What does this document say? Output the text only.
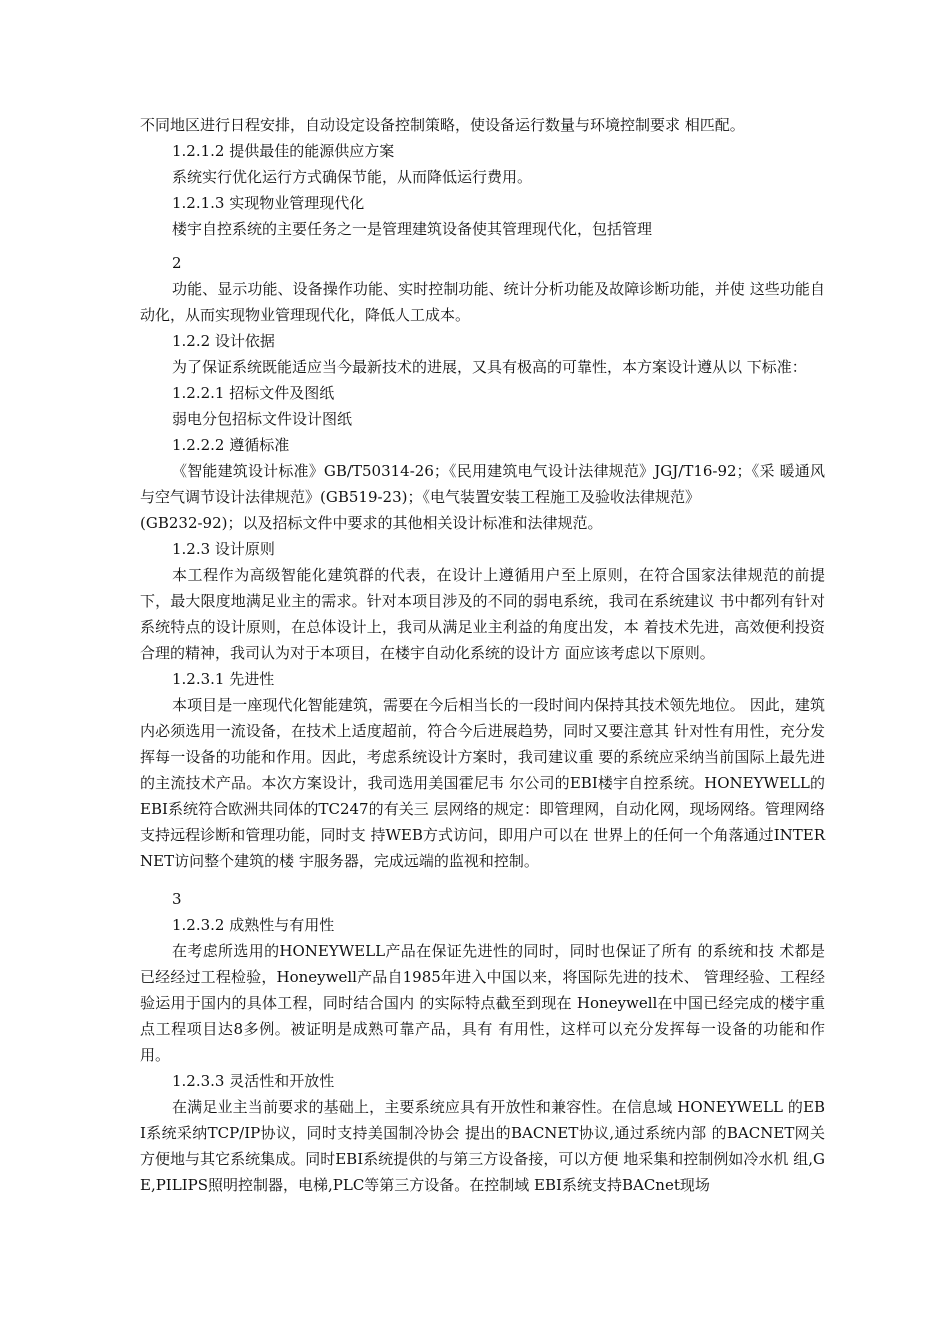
不同地区进行日程安排，自动设定设备控制策略，使设备运行数量与环境控制要求 相匹配。

1.2.1.2 提供最佳的能源供应方案

系统实行优化运行方式确保节能，从而降低运行费用。

1.2.1.3 实现物业管理现代化

楼宇自控系统的主要任务之一是管理建筑设备使其管理现代化，包括管理

2

功能、显示功能、设备操作功能、实时控制功能、统计分析功能及故障诊断功能，并使 这些功能自动化，从而实现物业管理现代化，降低人工成本。

1.2.2 设计依据

为了保证系统既能适应当今最新技术的进展，又具有极高的可靠性，本方案设计遵从以 下标准：

1.2.2.1 招标文件及图纸

弱电分包招标文件设计图纸

1.2.2.2 遵循标准

《智能建筑设计标准》GB/T50314-26；《民用建筑电气设计法律规范》JGJ/T16-92；《采 暖通风与空气调节设计法律规范》(GB519-23)；《电气装置安装工程施工及验收法律规范》

(GB232-92)；以及招标文件中要求的其他相关设计标准和法律规范。

1.2.3 设计原则

本工程作为高级智能化建筑群的代表，在设计上遵循用户至上原则，在符合国家法律规范的前提下，最大限度地满足业主的需求。针对本项目涉及的不同的弱电系统，我司在系统建议 书中都列有针对系统特点的设计原则，在总体设计上，我司从满足业主利益的角度出发，本 着技术先进，高效便利投资合理的精神，我司认为对于本项目，在楼宇自动化系统的设计方 面应该考虑以下原则。

1.2.3.1 先进性

本项目是一座现代化智能建筑，需要在今后相当长的一段时间内保持其技术领先地位。 因此，建筑内必须选用一流设备，在技术上适度超前，符合今后进展趋势，同时又要注意其 针对性有用性，充分发挥每一设备的功能和作用。因此，考虑系统设计方案时，我司建议重 要的系统应采纳当前国际上最先进的主流技术产品。本次方案设计，我司选用美国霍尼韦 尔公司的EBI楼宇自控系统。HONEYWELL的EBI系统符合欧洲共同体的TC247的有关三 层网络的规定：即管理网，自动化网，现场网络。管理网络支持远程诊断和管理功能，同时支 持WEB方式访问，即用户可以在 世界上的任何一个角落通过INTERNET访问整个建筑的楼 宇服务器，完成远端的监视和控制。

3

1.2.3.2 成熟性与有用性

在考虑所选用的HONEYWELL产品在保证先进性的同时，同时也保证了所有 的系统和技 术都是已经经过工程检验，Honeywell产品自1985年进入中国以来，将国际先进的技术、 管理经验、工程经验运用于国内的具体工程，同时结合国内 的实际特点截至到现在 Honeywell在中国已经完成的楼宇重点工程项目达8多例。被证明是成熟可靠产品，具有 有用性，这样可以充分发挥每一设备的功能和作用。

1.2.3.3 灵活性和开放性

在满足业主当前要求的基础上，主要系统应具有开放性和兼容性。在信息域 HONEYWELL 的EBI系统采纳TCP/IP协议，同时支持美国制冷协会 提出的BACNET协议,通过系统内部 的BACNET网关方便地与其它系统集成。同时EBI系统提供的与第三方设备接，可以方便 地采集和控制例如冷水机 组,GE,PILIPS照明控制器，电梯,PLC等第三方设备。在控制域 EBI系统支持BACnet现场
